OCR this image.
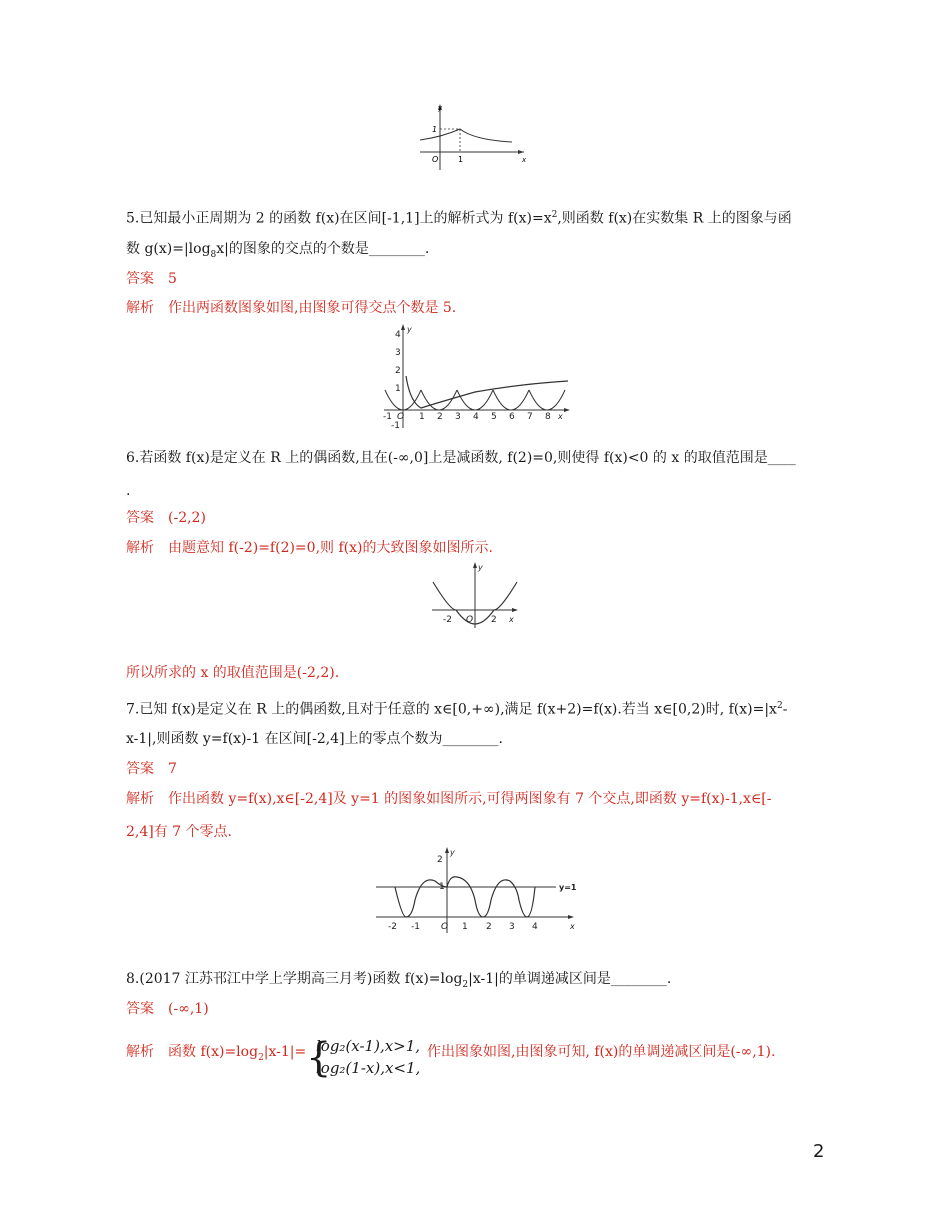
1
O 1	x
y
5.已知最小正周期为 2 的函数 f(x)在区间[-1,1]上的解析式为 $f(x)=x^2$,则函数 f(x)在实数集 R 上的图象与函
数 $g(x)=|\log_8x|$的图象的交点的个数是________.
答案 5
解析 作出两函数图象如图,由图象可得交点个数是 5.
4
3
2
1
-1
-1 O 1 2 3 4 5 6 7 8 x
y
6.若函数 f(x)是定义在 R 上的偶函数,且在(-∞,0]上是减函数, f(2)=0,则使得 f(x)<0 的 x 的取值范围是____
.
答案 (-2,2)
解析 由题意知 f(-2)=f(2)=0,则 f(x)的大致图象如图所示.
-2 O 2 x
y
所以所求的 x 的取值范围是(-2,2).
7.已知 f(x)是定义在 R 上的偶函数,且对于任意的 x∈[0,+∞),满足 f(x+2)=f(x).若当 x∈[0,2)时, $f(x)=|x^2-$
x-1|,则函数 y=f(x)-1 在区间[-2,4]上的零点个数为________.
答案 7
解析 作出函数 y=f(x),x∈[-2,4]及 y=1 的图象如图所示,可得两图象有 7 个交点,即函数 y=f(x)-1,x∈[-
2,4]有 7 个零点.
2
1
-2 -1 O 1 2 3 4	x
y
y=1
8.(2017 江苏邗江中学上学期高三月考)函数 $f(x)=\log_2|x-1|$的单调递减区间是________.
答案 (-∞,1)
解析 函数 $f(x)=\log_2|x-1|=$ {
log₂(x-1),x>1,
log₂(1-x),x<1,
作出图象如图,由图象可知, f(x)的单调递减区间是(-∞,1).
2
